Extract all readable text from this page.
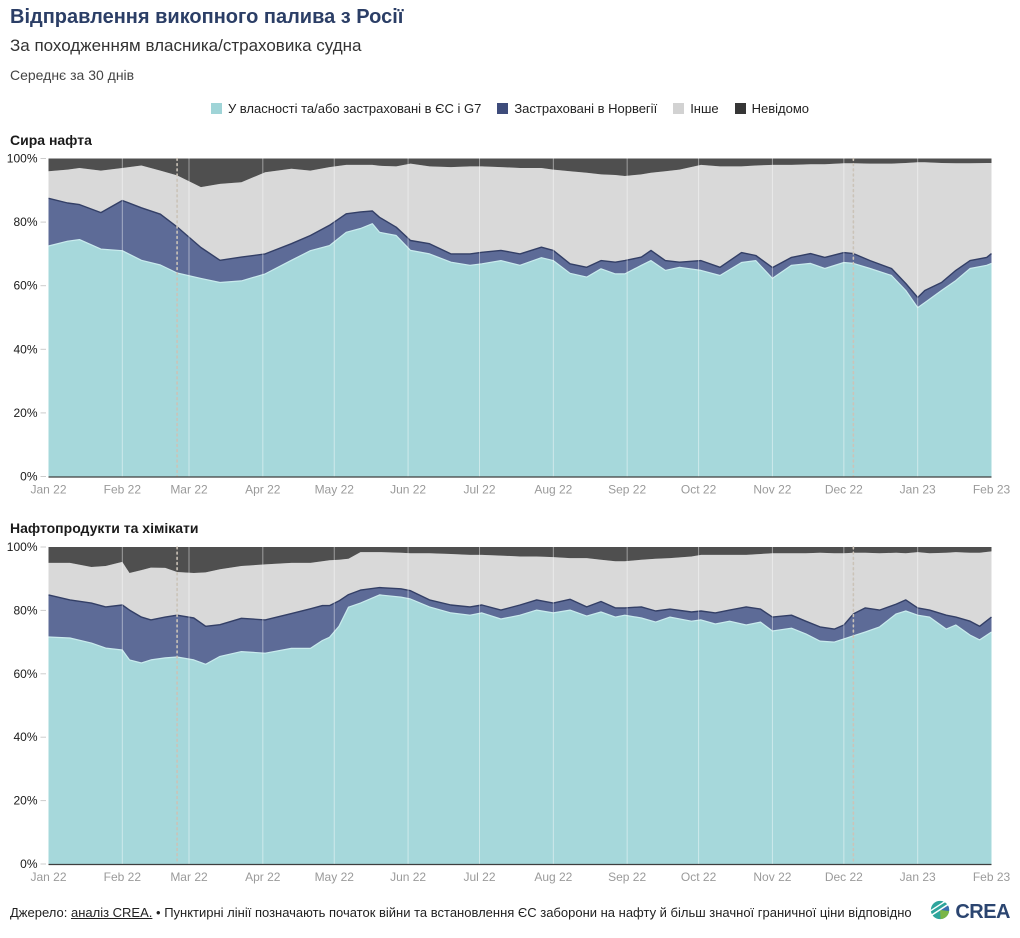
Відправлення викопного палива з Росії
За походженням власника/страховика судна
Середнє за 30 днів
У власності та/або застраховані в ЄС і G7	Застраховані в Норвегії	Інше	Невідомо
Сира нафта
0%
20%
40%
60%
80%
100%
Jan 22	Feb 22 Mar 22	Apr 22	May 22	Jun 22	Jul 22	Aug 22	Sep 22	Oct 22	Nov 22	Dec 22	Jan 23	Feb 23
Нафтопродукти та хімікати
0%
20%
40%
60%
80%
100%
Jan 22	Feb 22 Mar 22	Apr 22	May 22	Jun 22	Jul 22	Aug 22	Sep 22	Oct 22	Nov 22	Dec 22	Jan 23	Feb 23
Джерело: аналіз CREA. • Пунктирні лінії позначають початок війни та встановлення ЄС заборони на нафту й більш значної граничної ціни відповідно CREA
